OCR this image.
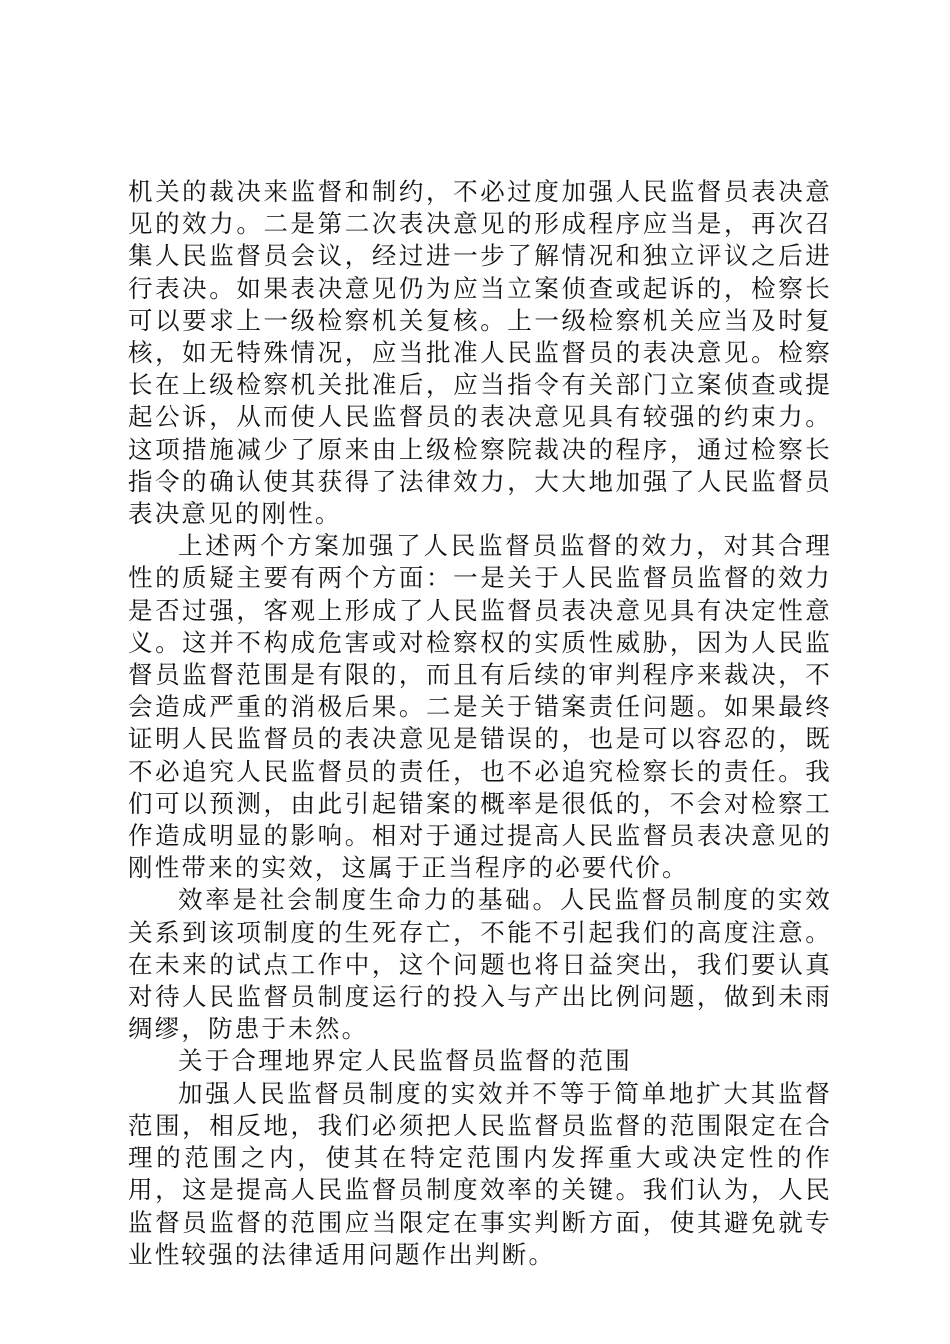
机关的裁决来监督和制约，不必过度加强人民监督员表决意见的效力。二是第二次表决意见的形成程序应当是，再次召集人民监督员会议，经过进一步了解情况和独立评议之后进行表决。如果表决意见仍为应当立案侦查或起诉的，检察长可以要求上一级检察机关复核。上一级检察机关应当及时复核，如无特殊情况，应当批准人民监督员的表决意见。检察长在上级检察机关批准后，应当指令有关部门立案侦查或提起公诉，从而使人民监督员的表决意见具有较强的约束力。这项措施减少了原来由上级检察院裁决的程序，通过检察长指令的确认使其获得了法律效力，大大地加强了人民监督员表决意见的刚性。

上述两个方案加强了人民监督员监督的效力，对其合理性的质疑主要有两个方面：一是关于人民监督员监督的效力是否过强，客观上形成了人民监督员表决意见具有决定性意义。这并不构成危害或对检察权的实质性威胁，因为人民监督员监督范围是有限的，而且有后续的审判程序来裁决，不会造成严重的消极后果。二是关于错案责任问题。如果最终证明人民监督员的表决意见是错误的，也是可以容忍的，既不必追究人民监督员的责任，也不必追究检察长的责任。我们可以预测，由此引起错案的概率是很低的，不会对检察工作造成明显的影响。相对于通过提高人民监督员表决意见的刚性带来的实效，这属于正当程序的必要代价。

效率是社会制度生命力的基础。人民监督员制度的实效关系到该项制度的生死存亡，不能不引起我们的高度注意。在未来的试点工作中，这个问题也将日益突出，我们要认真对待人民监督员制度运行的投入与产出比例问题，做到未雨绸缪，防患于未然。

关于合理地界定人民监督员监督的范围

加强人民监督员制度的实效并不等于简单地扩大其监督范围，相反地，我们必须把人民监督员监督的范围限定在合理的范围之内，使其在特定范围内发挥重大或决定性的作用，这是提高人民监督员制度效率的关键。我们认为，人民监督员监督的范围应当限定在事实判断方面，使其避免就专业性较强的法律适用问题作出判断。
